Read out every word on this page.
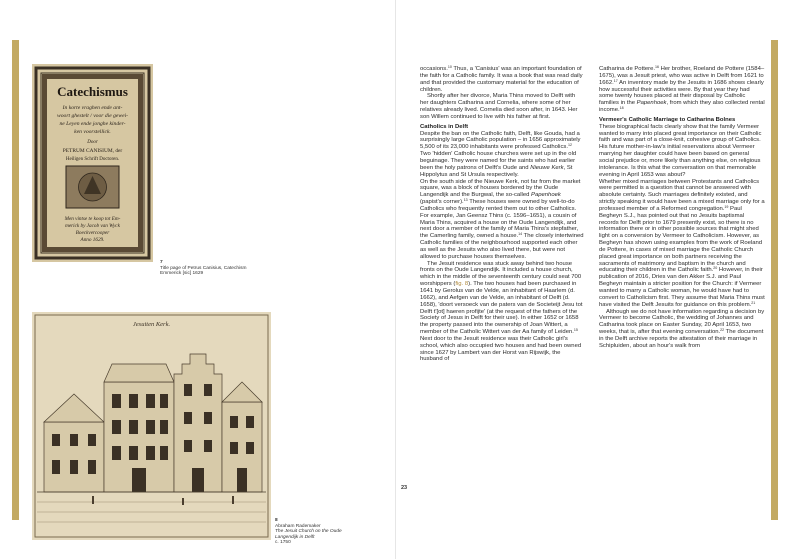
Catechismus
In korte vraghen ende ant-
woort ghestelt / voor die gewei-
ne Leyen ende jonghe kinder-
ken voorstellick.
Door
PETRUM CANISIUM, der
Heiligen Schrift Doctoren.
Men vintse te koop tot Em-
merick by Jacob van Wyck
Boeckvercooper
Anno 1629.
7
Title page of Petrus Canisius, Catechism
Emmerick [sic] 1629
Jesuiten Kerk.
8
Abraham Rademaker
The Jesuit Church on the Oude Langendijk in Delft
c. 1750
23

occasions.$^{10}$ Thus, a 'Canisius' was an important foundation of the faith for a Catholic family. It was a book that was read daily and that provided the customary material for the education of children.

Shortly after her divorce, Maria Thins moved to Delft with her daughters Catharina and Cornelia, where some of her relatives already lived. Cornelia died soon after, in 1643. Her son Willem continued to live with his father at first.

Catholics in Delft

Despite the ban on the Catholic faith, Delft, like Gouda, had a surprisingly large Catholic population – in 1656 approximately 5,500 of its 23,000 inhabitants were professed Catholics.$^{12}$ Two 'hidden' Catholic house churches were set up in the old beguinage. They were named for the saints who had earlier been the holy patrons of Delft's Oude and Nieuwe Kerk, St Hippolytus and St Ursula respectively.

On the south side of the Nieuwe Kerk, not far from the market square, was a block of houses bordered by the Oude Langendijk and the Burgwal, the so-called Papenhoek (papist's corner).$^{13}$ These houses were owned by well-to-do Catholics who frequently rented them out to other Catholics. For example, Jan Geensz Thins (c. 1596–1651), a cousin of Maria Thins, acquired a house on the Oude Langendijk, and next door a member of the family of Maria Thins's stepfather, the Camerling family, owned a house.$^{14}$ The closely intertwined Catholic families of the neighbourhood supported each other as well as the Jesuits who also lived there, but were not allowed to purchase houses themselves.

The Jesuit residence was stuck away behind two house fronts on the Oude Langendijk. It included a house church, which in the middle of the seventeenth century could seat 700 worshippers (fig. 8). The two houses had been purchased in 1641 by Gerolus van de Velde, an inhabitant of Haarlem (d. 1662), and Aefgen van de Velde, an inhabitant of Delft (d. 1658), 'doort versoeck van de paters van de Societeijt Jesu tot Delft t'[ot] haeren profijte' (at the request of the fathers of the Society of Jesus in Delft for their use). In either 1652 or 1658 the property passed into the ownership of Joan Wittert, a member of the Catholic Wittert van der Aa family of Leiden.$^{15}$ Next door to the Jesuit residence was their Catholic girl's school, which also occupied two houses and had been owned since 1627 by Lambert van der Horst van Rijswijk, the husband of

Catharina de Pottere.$^{16}$ Her brother, Roeland de Pottere (1584–1675), was a Jesuit priest, who was active in Delft from 1621 to 1662.17 An inventory made by the Jesuits in 1686 shows clearly how successful their activities were. By that year they had some twenty houses placed at their disposal by Catholic families in the Papenhoek, from which they also collected rental income.$^{18}$

Vermeer's Catholic Marriage to Catharina Bolnes

These biographical facts clearly show that the family Vermeer wanted to marry into placed great importance on their Catholic faith and was part of a close-knit, cohesive group of Catholics. His future mother-in-law's initial reservations about Vermeer marrying her daughter could have been based on general social prejudice or, more likely than anything else, on religious intolerance. Is this what the conversation on that memorable evening in April 1653 was about?

Whether mixed marriages between Protestants and Catholics were permitted is a question that cannot be answered with absolute certainty. Such marriages definitely existed, and strictly speaking it would have been a mixed marriage only for a professed member of a Reformed congregation.$^{19}$ Paul Begheyn S.J., has pointed out that no Jesuits baptismal records for Delft prior to 1679 presently exist, so there is no information there or in other possible sources that might shed light on a conversion by Vermeer to Catholicism. However, as Begheyn has shown using examples from the work of Roeland de Pottere, in cases of mixed marriage the Catholic Church placed great importance on both partners receiving the sacraments of matrimony and baptism in the church and educating their children in the Catholic faith.$^{20}$ However, in their publication of 2016, Dries van den Akker S.J. and Paul Begheyn maintain a stricter position for the Church: if Vermeer wanted to marry a Catholic woman, he would have had to convert to Catholicism first. They assume that Maria Thins must have visited the Delft Jesuits for guidance on this problem.$^{21}$

Although we do not have information regarding a decision by Vermeer to become Catholic, the wedding of Johannes and Catharina took place on Easter Sunday, 20 April 1653, two weeks, that is, after that evening conversation.$^{22}$ The document in the Delft archive reports the attestation of their marriage in Schipluiden, about an hour's walk from
